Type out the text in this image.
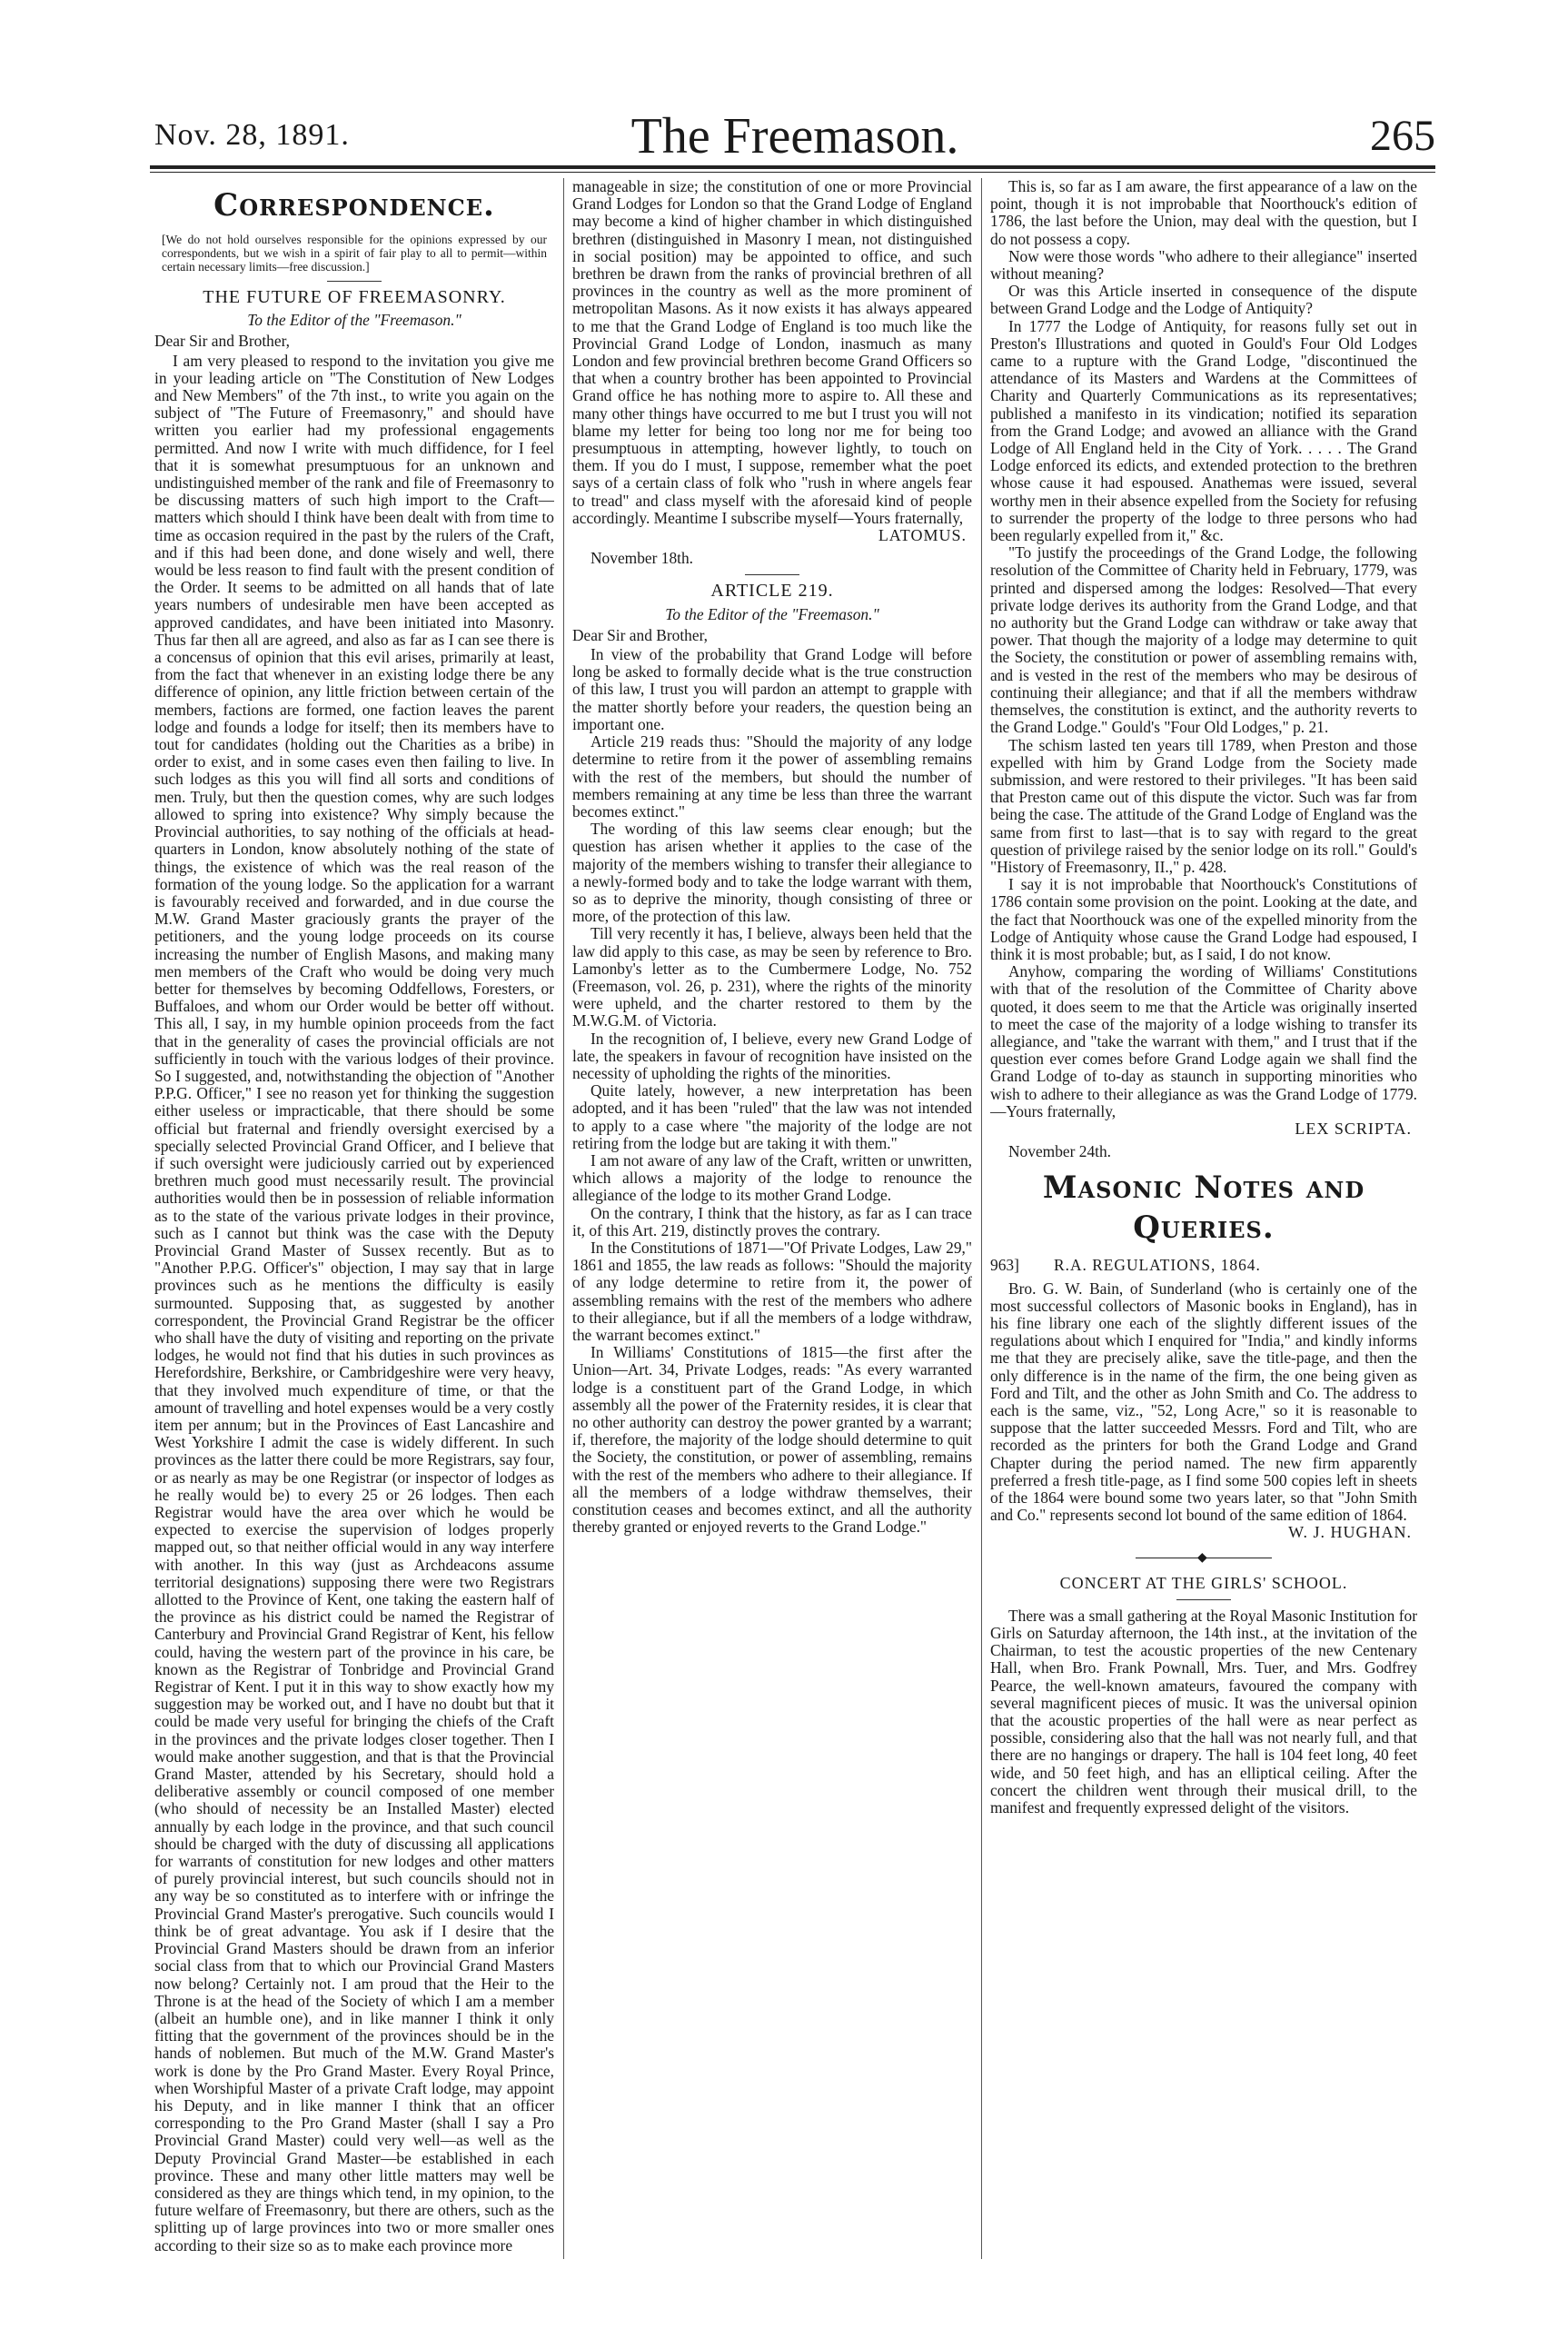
Nov. 28, 1891.	The Freemason.	265
Correspondence.
[We do not hold ourselves responsible for the opinions expressed by our correspondents, but we wish in a spirit of fair play to all to permit—within certain necessary limits—free discussion.]
THE FUTURE OF FREEMASONRY.
To the Editor of the "Freemason."

Dear Sir and Brother,

I am very pleased to respond to the invitation you give me in your leading article on "The Constitution of New Lodges and New Members" of the 7th inst., to write you again on the subject of "The Future of Freemasonry," and should have written you earlier had my professional engagements permitted. And now I write with much diffidence, for I feel that it is somewhat presumptuous for an unknown and undistinguished member of the rank and file of Freemasonry to be discussing matters of such high import to the Craft—matters which should I think have been dealt with from time to time as occasion required in the past by the rulers of the Craft, and if this had been done, and done wisely and well, there would be less reason to find fault with the present condition of the Order. It seems to be admitted on all hands that of late years numbers of undesirable men have been accepted as approved candidates, and have been initiated into Masonry. Thus far then all are agreed, and also as far as I can see there is a concensus of opinion that this evil arises, primarily at least, from the fact that whenever in an existing lodge there be any difference of opinion, any little friction between certain of the members, factions are formed, one faction leaves the parent lodge and founds a lodge for itself; then its members have to tout for candidates (holding out the Charities as a bribe) in order to exist, and in some cases even then failing to live. In such lodges as this you will find all sorts and conditions of men. Truly, but then the question comes, why are such lodges allowed to spring into existence? Why simply because the Provincial authorities, to say nothing of the officials at head-quarters in London, know absolutely nothing of the state of things, the existence of which was the real reason of the formation of the young lodge. So the application for a warrant is favourably received and forwarded, and in due course the M.W. Grand Master graciously grants the prayer of the petitioners, and the young lodge proceeds on its course increasing the number of English Masons, and making many men members of the Craft who would be doing very much better for themselves by becoming Oddfellows, Foresters, or Buffaloes, and whom our Order would be better off without. This all, I say, in my humble opinion proceeds from the fact that in the generality of cases the provincial officials are not sufficiently in touch with the various lodges of their province. So I suggested, and, notwithstanding the objection of "Another P.P.G. Officer," I see no reason yet for thinking the suggestion either useless or impracticable, that there should be some official but fraternal and friendly oversight exercised by a specially selected Provincial Grand Officer, and I believe that if such oversight were judiciously carried out by experienced brethren much good must necessarily result. The provincial authorities would then be in possession of reliable information as to the state of the various private lodges in their province, such as I cannot but think was the case with the Deputy Provincial Grand Master of Sussex recently. But as to "Another P.P.G. Officer's" objection, I may say that in large provinces such as he mentions the difficulty is easily surmounted. Supposing that, as suggested by another correspondent, the Provincial Grand Registrar be the officer who shall have the duty of visiting and reporting on the private lodges, he would not find that his duties in such provinces as Herefordshire, Berkshire, or Cambridgeshire were very heavy, that they involved much expenditure of time, or that the amount of travelling and hotel expenses would be a very costly item per annum; but in the Provinces of East Lancashire and West Yorkshire I admit the case is widely different. In such provinces as the latter there could be more Registrars, say four, or as nearly as may be one Registrar (or inspector of lodges as he really would be) to every 25 or 26 lodges. Then each Registrar would have the area over which he would be expected to exercise the supervision of lodges properly mapped out, so that neither official would in any way interfere with another. In this way (just as Archdeacons assume territorial designations) supposing there were two Registrars allotted to the Province of Kent, one taking the eastern half of the province as his district could be named the Registrar of Canterbury and Provincial Grand Registrar of Kent, his fellow could, having the western part of the province in his care, be known as the Registrar of Tonbridge and Provincial Grand Registrar of Kent. I put it in this way to show exactly how my suggestion may be worked out, and I have no doubt but that it could be made very useful for bringing the chiefs of the Craft in the provinces and the private lodges closer together. Then I would make another suggestion, and that is that the Provincial Grand Master, attended by his Secretary, should hold a deliberative assembly or council composed of one member (who should of necessity be an Installed Master) elected annually by each lodge in the province, and that such council should be charged with the duty of discussing all applications for warrants of constitution for new lodges and other matters of purely provincial interest, but such councils should not in any way be so constituted as to interfere with or infringe the Provincial Grand Master's prerogative. Such councils would I think be of great advantage. You ask if I desire that the Provincial Grand Masters should be drawn from an inferior social class from that to which our Provincial Grand Masters now belong? Certainly not. I am proud that the Heir to the Throne is at the head of the Society of which I am a member (albeit an humble one), and in like manner I think it only fitting that the government of the provinces should be in the hands of noblemen. But much of the M.W. Grand Master's work is done by the Pro Grand Master. Every Royal Prince, when Worshipful Master of a private Craft lodge, may appoint his Deputy, and in like manner I think that an officer corresponding to the Pro Grand Master (shall I say a Pro Provincial Grand Master) could very well—as well as the Deputy Provincial Grand Master—be established in each province. These and many other little matters may well be considered as they are things which tend, in my opinion, to the future welfare of Freemasonry, but there are others, such as the splitting up of large provinces into two or more smaller ones according to their size so as to make each province more

manageable in size; the constitution of one or more Provincial Grand Lodges for London so that the Grand Lodge of England may become a kind of higher chamber in which distinguished brethren (distinguished in Masonry I mean, not distinguished in social position) may be appointed to office, and such brethren be drawn from the ranks of provincial brethren of all provinces in the country as well as the more prominent of metropolitan Masons. As it now exists it has always appeared to me that the Grand Lodge of England is too much like the Provincial Grand Lodge of London, inasmuch as many London and few provincial brethren become Grand Officers so that when a country brother has been appointed to Provincial Grand office he has nothing more to aspire to. All these and many other things have occurred to me but I trust you will not blame my letter for being too long nor me for being too presumptuous in attempting, however lightly, to touch on them. If you do I must, I suppose, remember what the poet says of a certain class of folk who "rush in where angels fear to tread" and class myself with the aforesaid kind of people accordingly. Meantime I subscribe myself—Yours fraternally,

LATOMUS.

November 18th.

ARTICLE 219.
To the Editor of the "Freemason."

Dear Sir and Brother,

In view of the probability that Grand Lodge will before long be asked to formally decide what is the true construction of this law, I trust you will pardon an attempt to grapple with the matter shortly before your readers, the question being an important one.

Article 219 reads thus: "Should the majority of any lodge determine to retire from it the power of assembling remains with the rest of the members, but should the number of members remaining at any time be less than three the warrant becomes extinct."

The wording of this law seems clear enough; but the question has arisen whether it applies to the case of the majority of the members wishing to transfer their allegiance to a newly-formed body and to take the lodge warrant with them, so as to deprive the minority, though consisting of three or more, of the protection of this law.

Till very recently it has, I believe, always been held that the law did apply to this case, as may be seen by reference to Bro. Lamonby's letter as to the Cumbermere Lodge, No. 752 (Freemason, vol. 26, p. 231), where the rights of the minority were upheld, and the charter restored to them by the M.W.G.M. of Victoria.

In the recognition of, I believe, every new Grand Lodge of late, the speakers in favour of recognition have insisted on the necessity of upholding the rights of the minorities.

Quite lately, however, a new interpretation has been adopted, and it has been "ruled" that the law was not intended to apply to a case where "the majority of the lodge are not retiring from the lodge but are taking it with them."

I am not aware of any law of the Craft, written or unwritten, which allows a majority of the lodge to renounce the allegiance of the lodge to its mother Grand Lodge.

On the contrary, I think that the history, as far as I can trace it, of this Art. 219, distinctly proves the contrary.

In the Constitutions of 1871—"Of Private Lodges, Law 29," 1861 and 1855, the law reads as follows: "Should the majority of any lodge determine to retire from it, the power of assembling remains with the rest of the members who adhere to their allegiance, but if all the members of a lodge withdraw, the warrant becomes extinct."

In Williams' Constitutions of 1815—the first after the Union—Art. 34, Private Lodges, reads: "As every warranted lodge is a constituent part of the Grand Lodge, in which assembly all the power of the Fraternity resides, it is clear that no other authority can destroy the power granted by a warrant; if, therefore, the majority of the lodge should determine to quit the Society, the constitution, or power of assembling, remains with the rest of the members who adhere to their allegiance. If all the members of a lodge withdraw themselves, their constitution ceases and becomes extinct, and all the authority thereby granted or enjoyed reverts to the Grand Lodge."

This is, so far as I am aware, the first appearance of a law on the point, though it is not improbable that Noorthouck's edition of 1786, the last before the Union, may deal with the question, but I do not possess a copy.

Now were those words "who adhere to their allegiance" inserted without meaning?

Or was this Article inserted in consequence of the dispute between Grand Lodge and the Lodge of Antiquity?

In 1777 the Lodge of Antiquity, for reasons fully set out in Preston's Illustrations and quoted in Gould's Four Old Lodges came to a rupture with the Grand Lodge, "discontinued the attendance of its Masters and Wardens at the Committees of Charity and Quarterly Communications as its representatives; published a manifesto in its vindication; notified its separation from the Grand Lodge; and avowed an alliance with the Grand Lodge of All England held in the City of York. . . . . The Grand Lodge enforced its edicts, and extended protection to the brethren whose cause it had espoused. Anathemas were issued, several worthy men in their absence expelled from the Society for refusing to surrender the property of the lodge to three persons who had been regularly expelled from it," &c.

"To justify the proceedings of the Grand Lodge, the following resolution of the Committee of Charity held in February, 1779, was printed and dispersed among the lodges: Resolved—That every private lodge derives its authority from the Grand Lodge, and that no authority but the Grand Lodge can withdraw or take away that power. That though the majority of a lodge may determine to quit the Society, the constitution or power of assembling remains with, and is vested in the rest of the members who may be desirous of continuing their allegiance; and that if all the members withdraw themselves, the constitution is extinct, and the authority reverts to the Grand Lodge." Gould's "Four Old Lodges," p. 21.

The schism lasted ten years till 1789, when Preston and those expelled with him by Grand Lodge from the Society made submission, and were restored to their privileges. "It has been said that Preston came out of this dispute the victor. Such was far from being the case. The attitude of the Grand Lodge of England was the same from first to last—that is to say with regard to the great question of privilege raised by the senior lodge on its roll." Gould's "History of Freemasonry, II.," p. 428.

I say it is not improbable that Noorthouck's Constitutions of 1786 contain some provision on the point. Looking at the date, and the fact that Noorthouck was one of the expelled minority from the Lodge of Antiquity whose cause the Grand Lodge had espoused, I think it is most probable; but, as I said, I do not know.

Anyhow, comparing the wording of Williams' Constitutions with that of the resolution of the Committee of Charity above quoted, it does seem to me that the Article was originally inserted to meet the case of the majority of a lodge wishing to transfer its allegiance, and "take the warrant with them," and I trust that if the question ever comes before Grand Lodge again we shall find the Grand Lodge of to-day as staunch in supporting minorities who wish to adhere to their allegiance as was the Grand Lodge of 1779.—Yours fraternally,

LEX SCRIPTA.

November 24th.

Masonic Notes and Queries.
963]	R.A. REGULATIONS, 1864.

Bro. G. W. Bain, of Sunderland (who is certainly one of the most successful collectors of Masonic books in England), has in his fine library one each of the slightly different issues of the regulations about which I enquired for "India," and kindly informs me that they are precisely alike, save the title-page, and then the only difference is in the name of the firm, the one being given as Ford and Tilt, and the other as John Smith and Co. The address to each is the same, viz., "52, Long Acre," so it is reasonable to suppose that the latter succeeded Messrs. Ford and Tilt, who are recorded as the printers for both the Grand Lodge and Grand Chapter during the period named. The new firm apparently preferred a fresh title-page, as I find some 500 copies left in sheets of the 1864 were bound some two years later, so that "John Smith and Co." represents second lot bound of the same edition of 1864.

W. J. HUGHAN.
◆
CONCERT AT THE GIRLS' SCHOOL.

There was a small gathering at the Royal Masonic Institution for Girls on Saturday afternoon, the 14th inst., at the invitation of the Chairman, to test the acoustic properties of the new Centenary Hall, when Bro. Frank Pownall, Mrs. Tuer, and Mrs. Godfrey Pearce, the well-known amateurs, favoured the company with several magnificent pieces of music. It was the universal opinion that the acoustic properties of the hall were as near perfect as possible, considering also that the hall was not nearly full, and that there are no hangings or drapery. The hall is 104 feet long, 40 feet wide, and 50 feet high, and has an elliptical ceiling. After the concert the children went through their musical drill, to the manifest and frequently expressed delight of the visitors.
